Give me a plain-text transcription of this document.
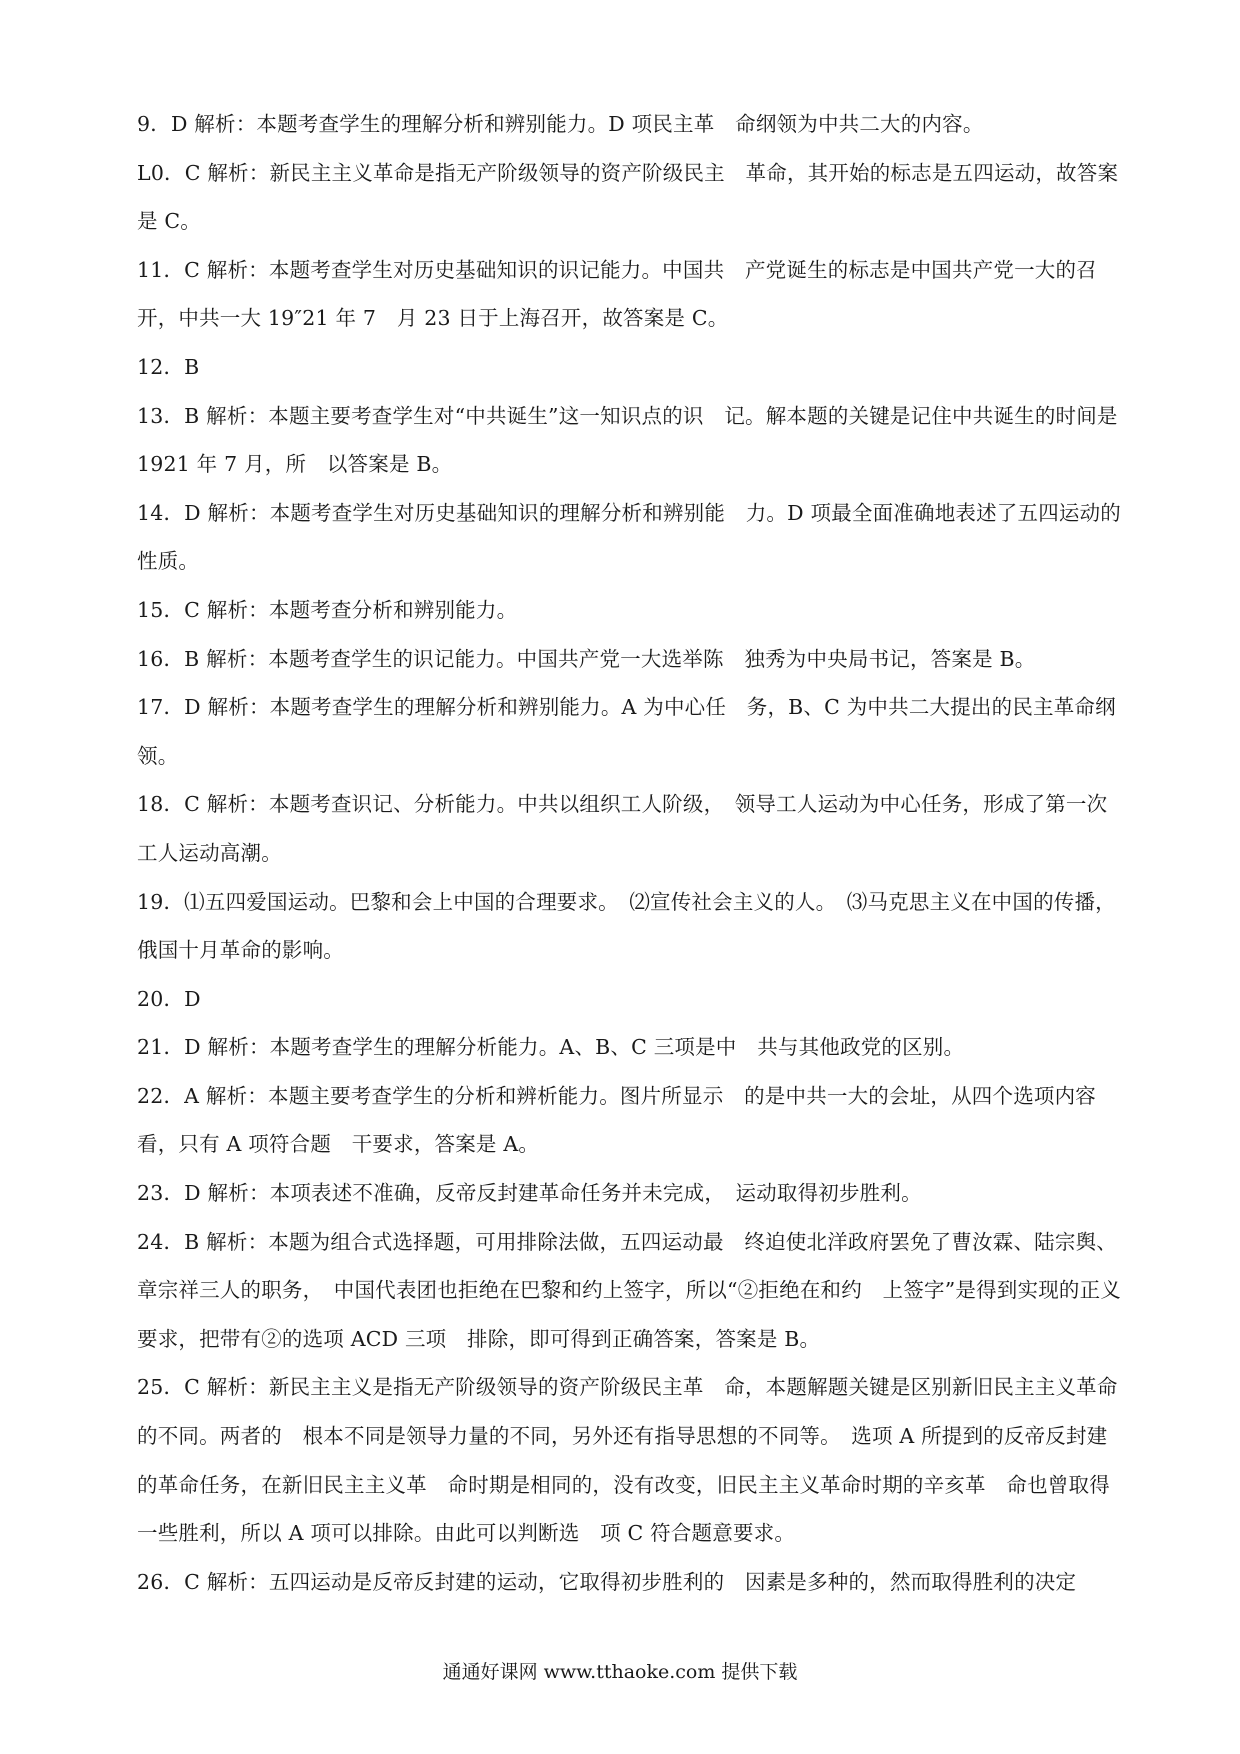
9．D 解析：本题考查学生的理解分析和辨别能力。D 项民主革　命纲领为中共二大的内容。

L0．C 解析：新民主主义革命是指无产阶级领导的资产阶级民主　革命，其开始的标志是五四运动，故答案是 C。

11．C 解析：本题考查学生对历史基础知识的识记能力。中国共　产党诞生的标志是中国共产党一大的召开，中共一大 19″21 年 7　月 23 日于上海召开，故答案是 C。

12．B

13．B 解析：本题主要考查学生对“中共诞生”这一知识点的识　记。解本题的关键是记住中共诞生的时间是 1921 年 7 月，所　以答案是 B。

14．D 解析：本题考查学生对历史基础知识的理解分析和辨别能　力。D 项最全面准确地表述了五四运动的性质。

15．C 解析：本题考查分析和辨别能力。

16．B 解析：本题考查学生的识记能力。中国共产党一大选举陈　独秀为中央局书记，答案是 B。

17．D 解析：本题考查学生的理解分析和辨别能力。A 为中心任　务，B、C 为中共二大提出的民主革命纲领。

18．C 解析：本题考查识记、分析能力。中共以组织工人阶级，　领导工人运动为中心任务，形成了第一次工人运动高潮。

19．⑴五四爱国运动。巴黎和会上中国的合理要求。　⑵宣传社会主义的人。　⑶马克思主义在中国的传播，俄国十月革命的影响。

20．D

21．D 解析：本题考查学生的理解分析能力。A、B、C 三项是中　共与其他政党的区别。

22．A 解析：本题主要考查学生的分析和辨析能力。图片所显示　的是中共一大的会址，从四个选项内容看，只有 A 项符合题　干要求，答案是 A。

23．D 解析：本项表述不准确，反帝反封建革命任务并未完成，　运动取得初步胜利。

24．B 解析：本题为组合式选择题，可用排除法做，五四运动最　终迫使北洋政府罢免了曹汝霖、陆宗舆、章宗祥三人的职务，　中国代表团也拒绝在巴黎和约上签字，所以“②拒绝在和约　上签字”是得到实现的正义要求，把带有②的选项 ACD 三项　排除，即可得到正确答案，答案是 B。

25．C 解析：新民主主义是指无产阶级领导的资产阶级民主革　命，本题解题关键是区别新旧民主主义革命的不同。两者的　根本不同是领导力量的不同，另外还有指导思想的不同等。　选项 A 所提到的反帝反封建的革命任务，在新旧民主主义革　命时期是相同的，没有改变，旧民主主义革命时期的辛亥革　命也曾取得一些胜利，所以 A 项可以排除。由此可以判断选　项 C 符合题意要求。

26．C 解析：五四运动是反帝反封建的运动，它取得初步胜利的　因素是多种的，然而取得胜利的决定

通通好课网 www.tthaoke.com 提供下载
